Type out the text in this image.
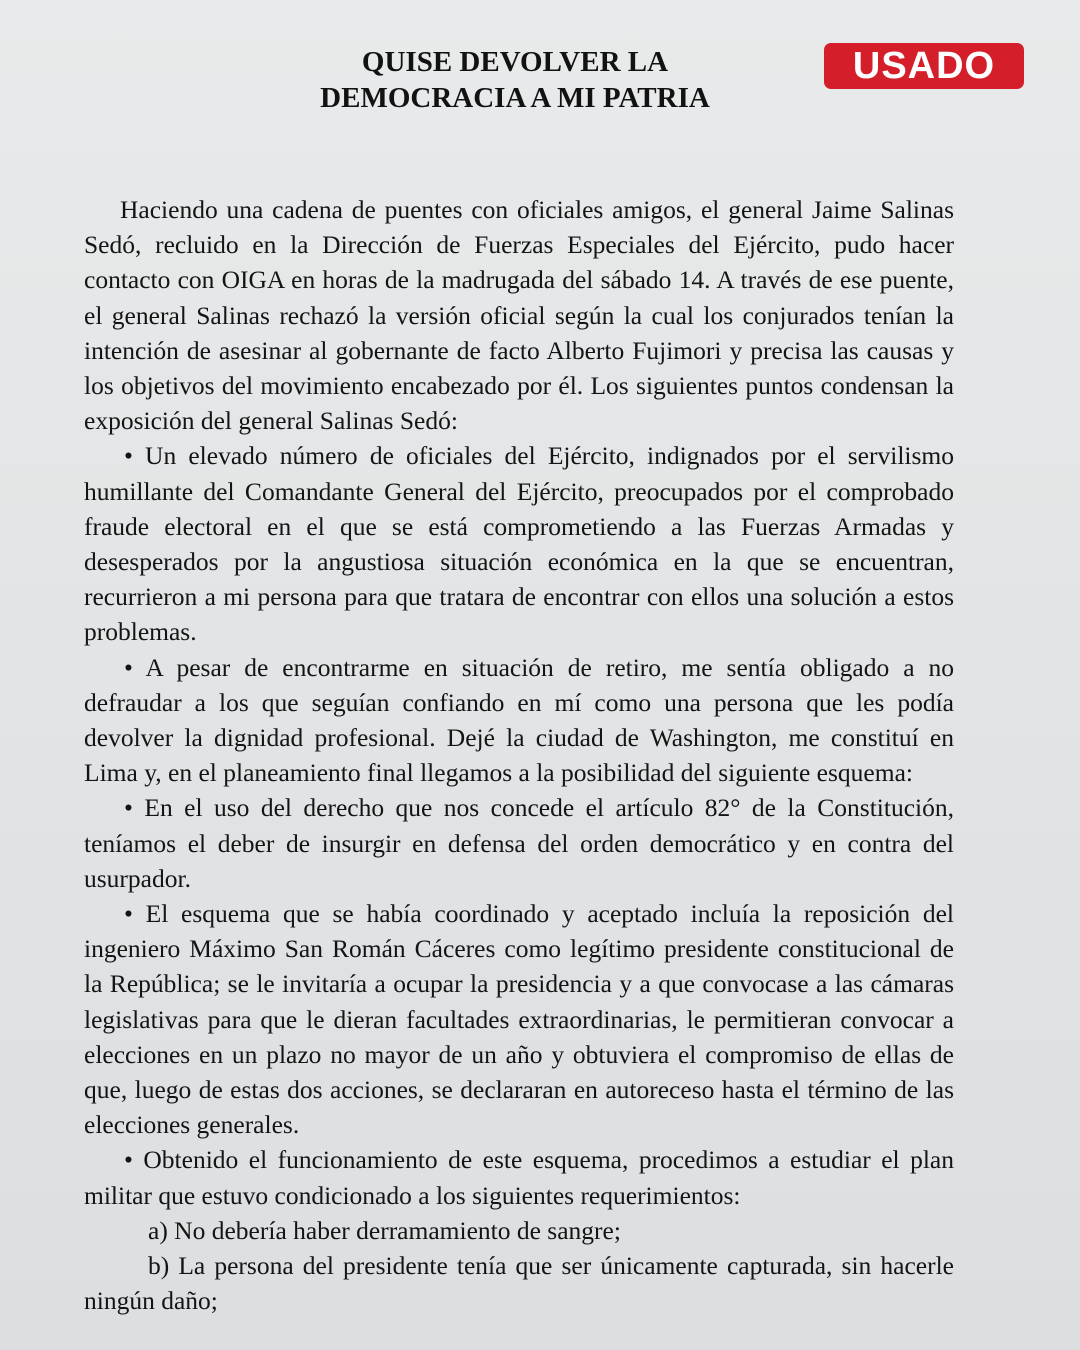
USADO
QUISE DEVOLVER LA
DEMOCRACIA A MI PATRIA

Haciendo una cadena de puentes con oficiales amigos, el general Jaime Salinas Sedó, recluido en la Dirección de Fuerzas Especiales del Ejército, pudo hacer contacto con OIGA en horas de la madrugada del sábado 14. A través de ese puente, el general Salinas rechazó la versión oficial según la cual los conjurados tenían la intención de asesinar al gobernante de facto Alberto Fujimori y precisa las causas y los objetivos del movimiento encabezado por él. Los siguientes puntos condensan la exposición del general Salinas Sedó:

• Un elevado número de oficiales del Ejército, indignados por el servilismo humillante del Comandante General del Ejército, preocupados por el comprobado fraude electoral en el que se está comprometiendo a las Fuerzas Armadas y desesperados por la angustiosa situación económica en la que se encuentran, recurrieron a mi persona para que tratara de encontrar con ellos una solución a estos problemas.

• A pesar de encontrarme en situación de retiro, me sentía obligado a no defraudar a los que seguían confiando en mí como una persona que les podía devolver la dignidad profesional. Dejé la ciudad de Washington, me constituí en Lima y, en el planeamiento final llegamos a la posibilidad del siguiente esquema:

• En el uso del derecho que nos concede el artículo 82° de la Constitución, teníamos el deber de insurgir en defensa del orden democrático y en contra del usurpador.

• El esquema que se había coordinado y aceptado incluía la reposición del ingeniero Máximo San Román Cáceres como legítimo presidente constitucional de la República; se le invitaría a ocupar la presidencia y a que convocase a las cámaras legislativas para que le dieran facultades extraordinarias, le permitieran convocar a elecciones en un plazo no mayor de un año y obtuviera el compromiso de ellas de que, luego de estas dos acciones, se declararan en autoreceso hasta el término de las elecciones generales.

• Obtenido el funcionamiento de este esquema, procedimos a estudiar el plan militar que estuvo condicionado a los siguientes requerimientos:

a) No debería haber derramamiento de sangre;

b) La persona del presidente tenía que ser únicamente capturada, sin hacerle ningún daño;
